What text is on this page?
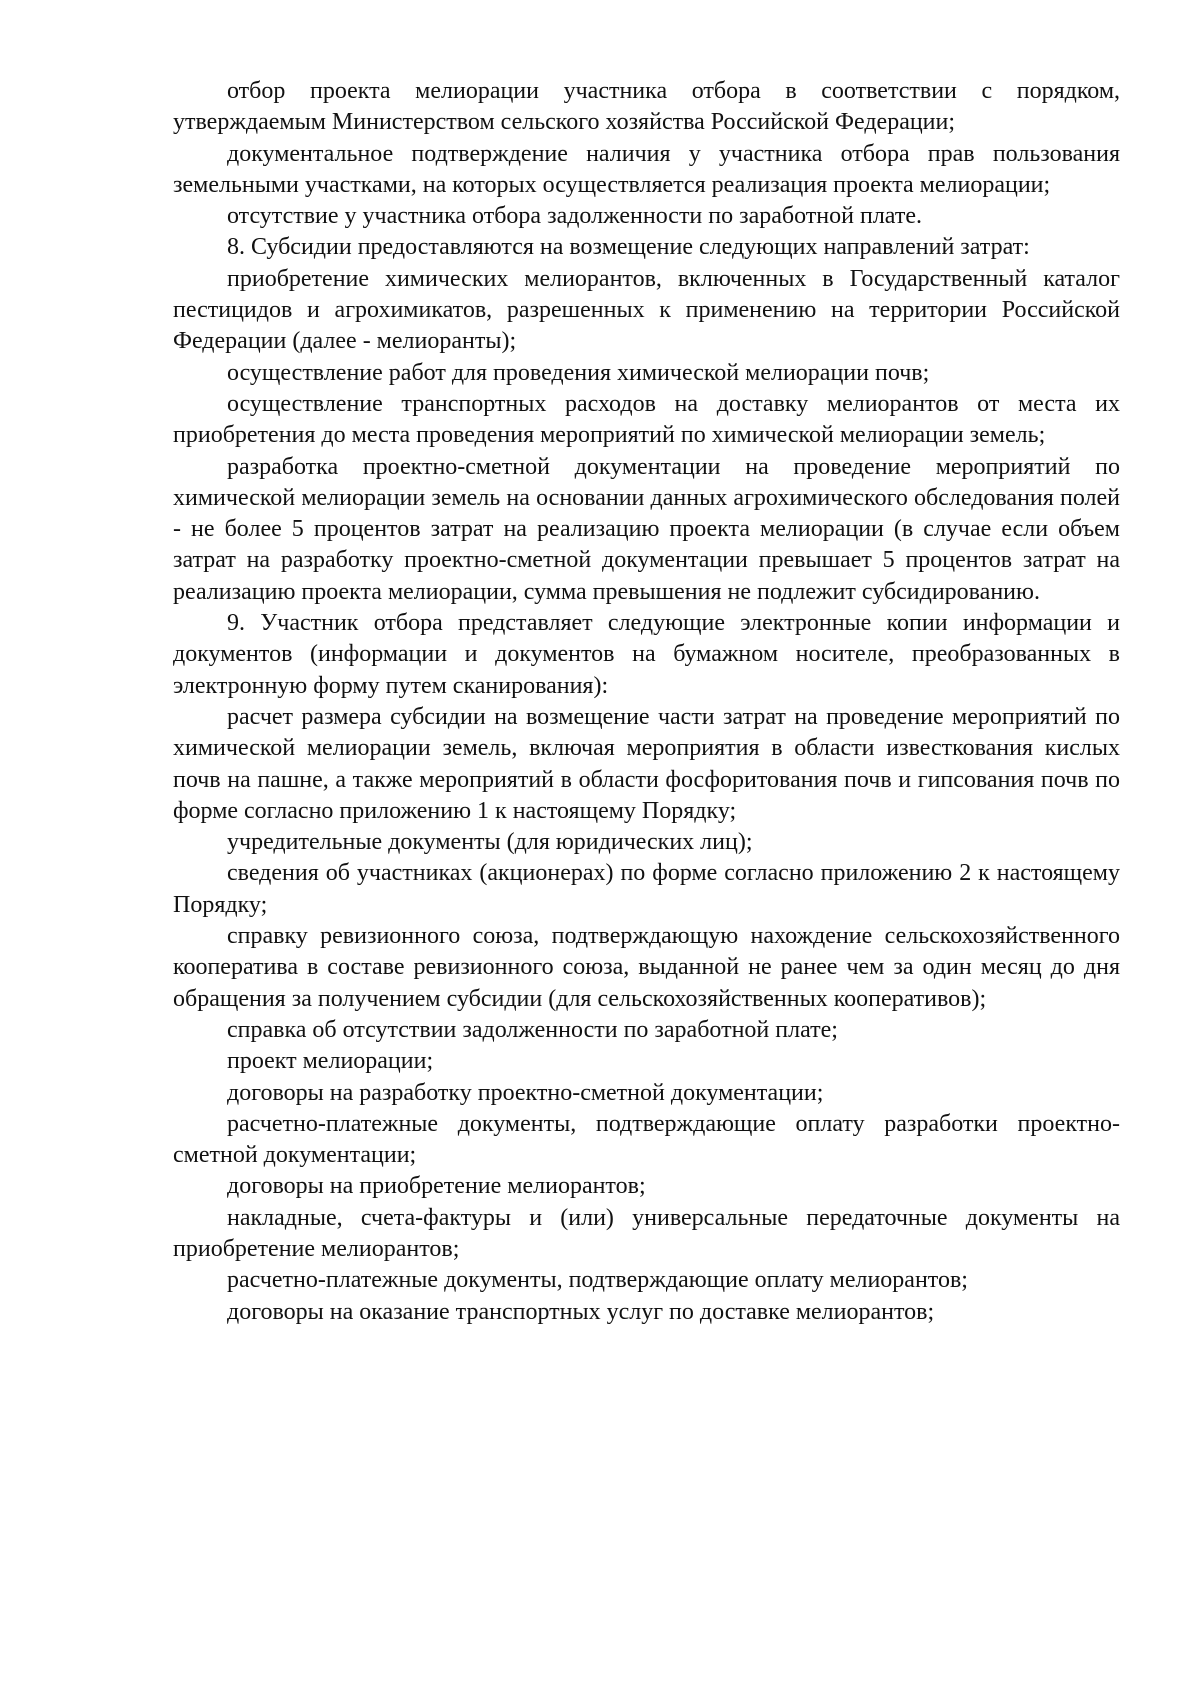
отбор проекта мелиорации участника отбора в соответствии с порядком, утверждаемым Министерством сельского хозяйства Российской Федерации;

документальное подтверждение наличия у участника отбора прав пользования земельными участками, на которых осуществляется реализация проекта мелиорации;

отсутствие у участника отбора задолженности по заработной плате.

8. Субсидии предоставляются на возмещение следующих направлений затрат:

приобретение химических мелиорантов, включенных в Государственный каталог пестицидов и агрохимикатов, разрешенных к применению на территории Российской Федерации (далее - мелиоранты);

осуществление работ для проведения химической мелиорации почв;

осуществление транспортных расходов на доставку мелиорантов от места их приобретения до места проведения мероприятий по химической мелиорации земель;

разработка проектно-сметной документации на проведение мероприятий по химической мелиорации земель на основании данных агрохимического обследования полей - не более 5 процентов затрат на реализацию проекта мелиорации (в случае если объем затрат на разработку проектно-сметной документации превышает 5 процентов затрат на реализацию проекта мелиорации, сумма превышения не подлежит субсидированию.

9. Участник отбора представляет следующие электронные копии информации и документов (информации и документов на бумажном носителе, преобразованных в электронную форму путем сканирования):

расчет размера субсидии на возмещение части затрат на проведение мероприятий по химической мелиорации земель, включая мероприятия в области известкования кислых почв на пашне, а также мероприятий в области фосфоритования почв и гипсования почв по форме согласно приложению 1 к настоящему Порядку;

учредительные документы (для юридических лиц);

сведения об участниках (акционерах) по форме согласно приложению 2 к настоящему Порядку;

справку ревизионного союза, подтверждающую нахождение сельскохозяйственного кооператива в составе ревизионного союза, выданной не ранее чем за один месяц до дня обращения за получением субсидии (для сельскохозяйственных кооперативов);

справка об отсутствии задолженности по заработной плате;

проект мелиорации;

договоры на разработку проектно-сметной документации;

расчетно-платежные документы, подтверждающие оплату разработки проектно-сметной документации;

договоры на приобретение мелиорантов;

накладные, счета-фактуры и (или) универсальные передаточные документы на приобретение мелиорантов;

расчетно-платежные документы, подтверждающие оплату мелиорантов;

договоры на оказание транспортных услуг по доставке мелиорантов;
